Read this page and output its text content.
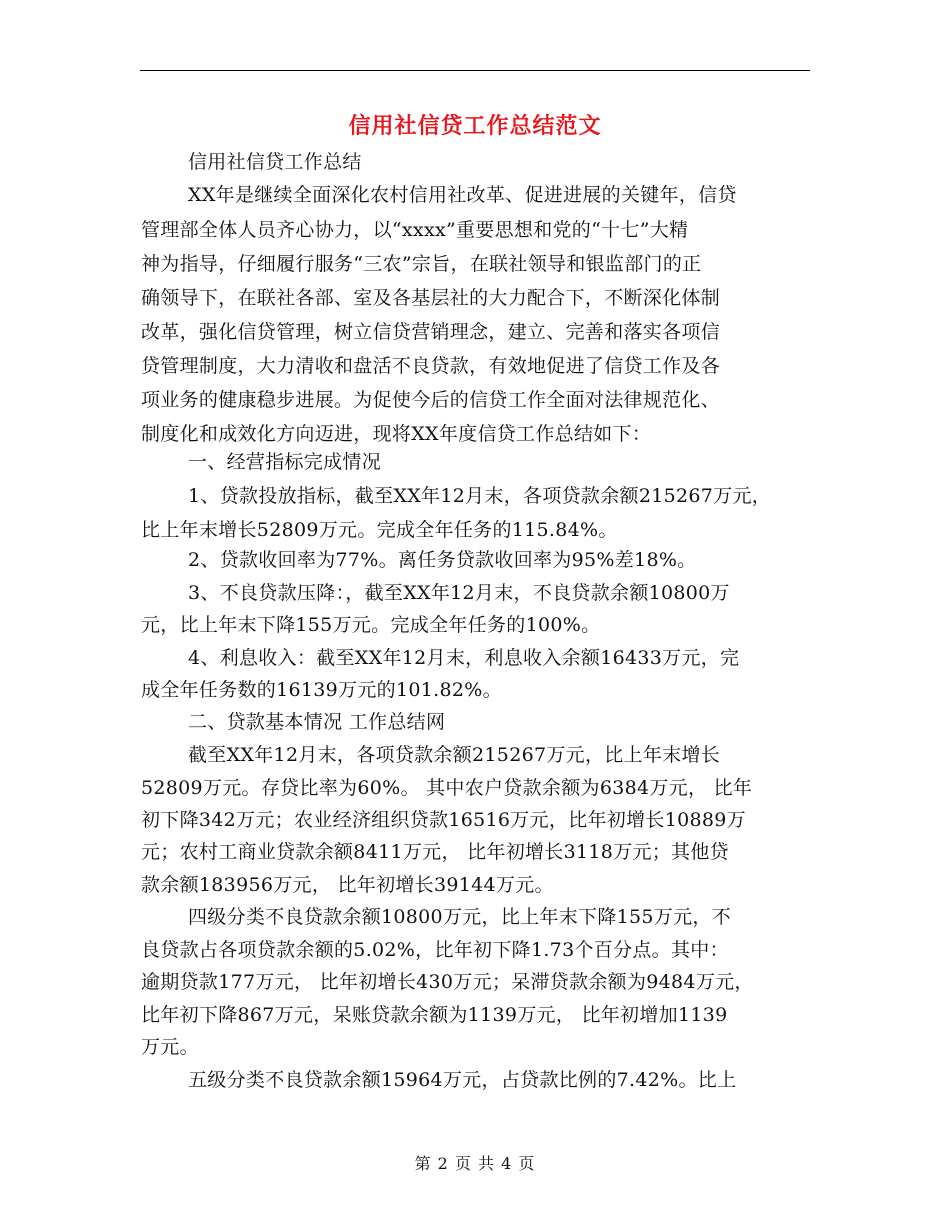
信用社信贷工作总结范文
信用社信贷工作总结
XX年是继续全面深化农村信用社改革、促进进展的关键年，信贷
管理部全体人员齐心协力，以“xxxx”重要思想和党的“十七”大精
神为指导，仔细履行服务“三农”宗旨，在联社领导和银监部门的正
确领导下，在联社各部、室及各基层社的大力配合下，不断深化体制
改革，强化信贷管理，树立信贷营销理念，建立、完善和落实各项信
贷管理制度，大力清收和盘活不良贷款，有效地促进了信贷工作及各
项业务的健康稳步进展。为促使今后的信贷工作全面对法律规范化、
制度化和成效化方向迈进，现将XX年度信贷工作总结如下：
一、经营指标完成情况
1、贷款投放指标，截至XX年12月末，各项贷款余额215267万元，
比上年末增长52809万元。完成全年任务的115.84%。
2、贷款收回率为77%。离任务贷款收回率为95%差18%。
3、不良贷款压降：，截至XX年12月末，不良贷款余额10800万
元，比上年末下降155万元。完成全年任务的100%。
4、利息收入：截至XX年12月末，利息收入余额16433万元，完
成全年任务数的16139万元的101.82%。
二、贷款基本情况 工作总结网
截至XX年12月末，各项贷款余额215267万元，比上年末增长
52809万元。存贷比率为60%。 其中农户贷款余额为6384万元， 比年
初下降342万元；农业经济组织贷款16516万元，比年初增长10889万
元；农村工商业贷款余额8411万元， 比年初增长3118万元；其他贷
款余额183956万元， 比年初增长39144万元。
四级分类不良贷款余额10800万元，比上年末下降155万元，不
良贷款占各项贷款余额的5.02%，比年初下降1.73个百分点。其中：
逾期贷款177万元， 比年初增长430万元；呆滞贷款余额为9484万元，
比年初下降867万元，呆账贷款余额为1139万元， 比年初增加1139
万元。
五级分类不良贷款余额15964万元，占贷款比例的7.42%。比上
第 2 页 共 4 页
